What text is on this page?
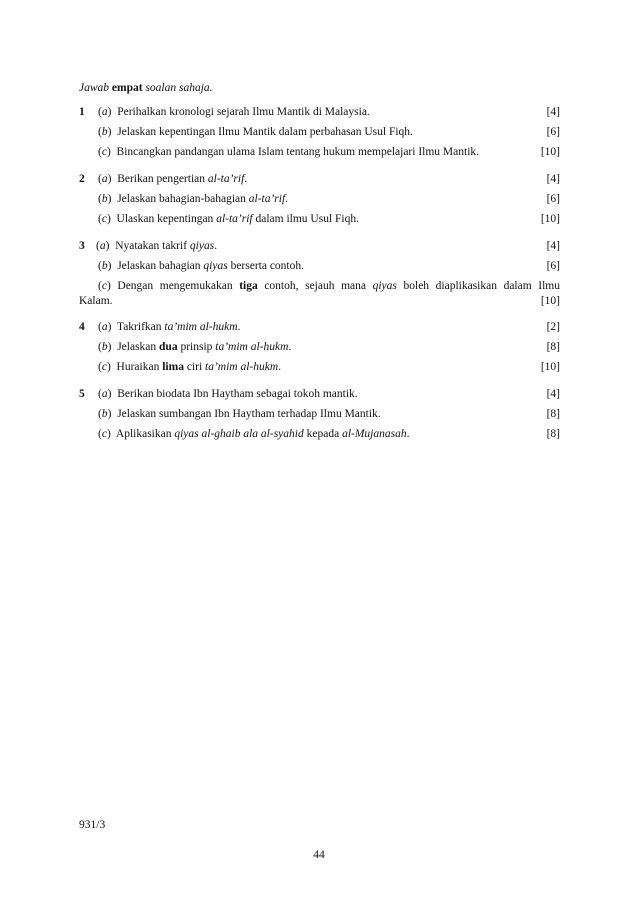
Jawab empat soalan sahaja.
1 (a)  Perihalkan kronologi sejarah Ilmu Mantik di Malaysia.	[4]
(b)  Jelaskan kepentingan Ilmu Mantik dalam perbahasan Usul Fiqh.	[6]
(c)  Bincangkan pandangan ulama Islam tentang hukum mempelajari Ilmu Mantik.	[10]
2 (a)  Berikan pengertian al-ta’rif.	[4]
(b)  Jelaskan bahagian-bahagian al-ta’rif.	[6]
(c)  Ulaskan kepentingan al-ta’rif dalam ilmu Usul Fiqh.	[10]
3 (a)  Nyatakan takrif qiyas.	[4]
(b)  Jelaskan bahagian qiyas berserta contoh.	[6]
(c) Dengan mengemukakan tiga contoh, sejauh mana qiyas boleh diaplikasikan dalam Ilmu
Kalam.	[10]
4 (a)  Takrifkan ta’mim al-hukm.	[2]
(b)  Jelaskan dua prinsip ta’mim al-hukm.	[8]
(c)  Huraikan lima ciri ta’mim al-hukm.	[10]
5 (a)  Berikan biodata Ibn Haytham sebagai tokoh mantik.	[4]
(b)  Jelaskan sumbangan Ibn Haytham terhadap Ilmu Mantik.	[8]
(c)  Aplikasikan qiyas al-ghaib ala al-syahid kepada al-Mujanasah.	[8]
931/3
44
